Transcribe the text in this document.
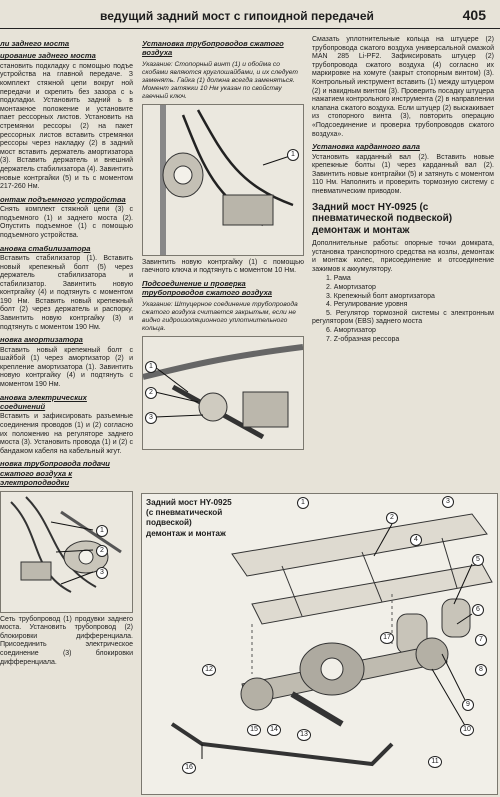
ведущий задний мост с гипоидной передачей	405
ли заднего моста
ирование заднего моста

становить подкладку с помощью подъе устройства на главной передаче. З комплект стяжной цепи вокруг ной передачи и скрепить без зазора с ь подкладки. Установить задний ь в монтажное положение и установите пает рессорных листов. Установить на стремянки рессоры (2) на пакет рессорных листов вставить стремянки рессоры через накладку (2) в задний мост вставить держатель амортизатора (3). Вставить держатель и внешний держатель стабилизатора (4). Завинтить новые контргайки (5) и ть с моментом 217-260 Нм.

онтаж подъемного устройства

Снять комплект стяжной цепи (3) с подъемного (1) и заднего моста (2). Опустить подъемное (1) с помощью подъемного устройства.

ановка стабилизатора

Вставить стабилизатор (1). Вставить новый крепежный болт (5) через держатель стабилизатора и стабилизатор. Завинтить новую контргайку (4) и подтянуть с моментом 190 Нм. Вставить новый крепежный болт (2) через держатель и распорку. Завинтить новую контргайку (3) и подтянуть с моментом 190 Нм.

новка амортизатора

Вставить новый крепежный болт с шайбой (1) через амортизатор (2) и крепление амортизатора (1). Завинтить новую контргайку (4) и подтянуть с моментом 190 Нм.

ановка электрических соединений

Вставить и зафиксировать разъемные соединения проводов (1) и (2) согласно их положению на регуляторе заднего моста (3). Установить провода (1) и (2) с бандажом кабеля на кабельный жгут.

новка трубопровода подачи сжатого воздуха к электроподводки
1
2
3

Сеть трубопровод (1) продувки заднего моста. Установить трубопровод (2) блокировки дифференциала. Присоединить электрическое соединение (3) блокировки дифференциала.

Установка трубопроводов сжатого воздуха
Указание: Стопорный винт (1) и обойма со скобами являются круглошайбами, и их следует заменять. Гайка (1) должна всегда заменяться. Момент затяжки 10 Нм указан по свойству гаечный ключ.
1

Завинтить новую контргайку (1) с помощью гаечного ключа и подтянуть с моментом 10 Нм.

Подсоединение и проверка трубопроводов сжатого воздуха
Указание: Штуцерное соединение трубопровода сжатого воздуха считается закрытым, если не видно гидроизоляционного уплотнительного кольца.
1
2
3

Смазать уплотнительные кольца на штуцере (2) трубопровода сжатого воздуха универсальной смазкой MAN 285 Li-PF2. Зафиксировать штуцер (2) трубопровода сжатого воздуха (4) согласно их маркировке на хомуте (закрыт стопорным винтом) (3). Контрольный инструмент вставить (1) между штуцером (2) и накидным винтом (3). Проверить посадку штуцера нажатием контрольного инструмента (2) в направлении клапана сжатого воздуха. Если штуцер (2) выскакивает из стопорного винта (3), повторить операцию «Подсоединение и проверка трубопроводов сжатого воздуха».

Установка карданного вала

Установить карданный вал (2). Вставить новые крепежные болты (1) через карданный вал (2). Завинтить новые контргайки (5) и затянуть с моментом 110 Нм. Наполнить и проверить тормозную систему с пневматическим приводом.

Задний мост HY-0925 (с пневматической подвеской) демонтаж и монтаж

Дополнительные работы: опорные точки домкрата, установка транспортного средства на козлы, демонтаж и монтаж колес, присоединение и отсоединение зажимов к аккумулятору.

1. Рама

2. Амортизатор

3. Крепежный болт амортизатора

4. Регулирование уровня

5. Регулятор тормозной системы с электронным регулятором (EBS) заднего моста

6. Амортизатор

7. Z-образная рессора

Задний мост HY-0925 (с пневматической подвеской) демонтаж и монтаж
1
2
3
4
5
6
7
8
9
10
11
12
13
14
15
16
17
